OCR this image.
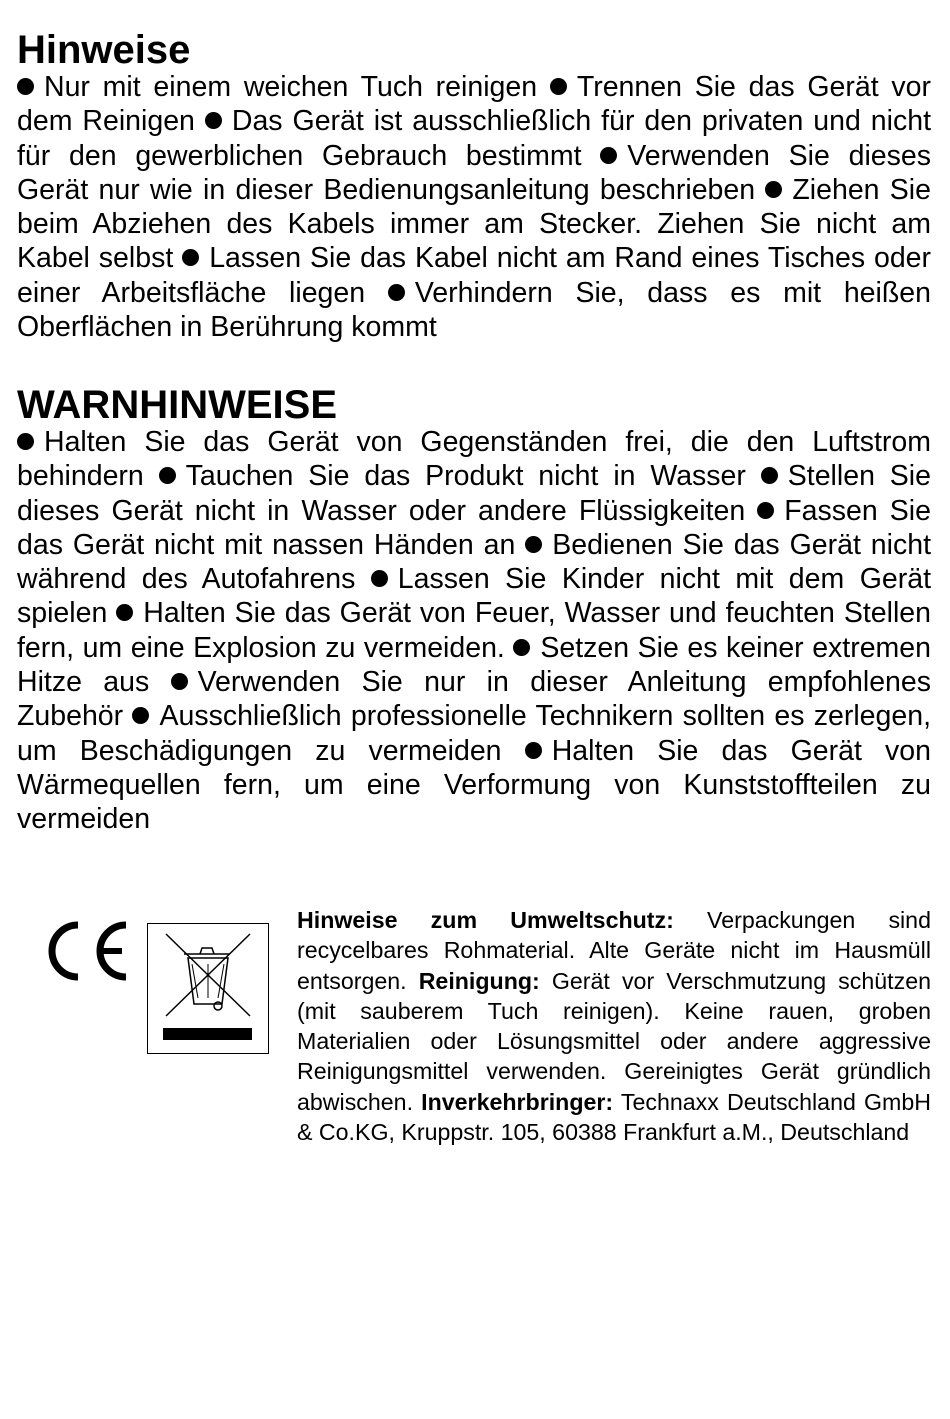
Hinweise

Nur mit einem weichen Tuch reinigen Trennen Sie das Gerät vor dem Reinigen Das Gerät ist ausschließlich für den privaten und nicht für den gewerblichen Gebrauch bestimmt Verwenden Sie dieses Gerät nur wie in dieser Bedienungsanleitung beschrieben Ziehen Sie beim Abziehen des Kabels immer am Stecker. Ziehen Sie nicht am Kabel selbst Lassen Sie das Kabel nicht am Rand eines Tisches oder einer Arbeitsfläche liegen Verhindern Sie, dass es mit heißen Oberflächen in Berührung kommt

WARNHINWEISE

Halten Sie das Gerät von Gegenständen frei, die den Luftstrom behindern Tauchen Sie das Produkt nicht in Wasser Stellen Sie dieses Gerät nicht in Wasser oder andere Flüssigkeiten Fassen Sie das Gerät nicht mit nassen Händen an Bedienen Sie das Gerät nicht während des Autofahrens Lassen Sie Kinder nicht mit dem Gerät spielen Halten Sie das Gerät von Feuer, Wasser und feuchten Stellen fern, um eine Explosion zu vermeiden. Setzen Sie es keiner extremen Hitze aus Verwenden Sie nur in dieser Anleitung empfohlenes Zubehör Ausschließlich professionelle Technikern sollten es zerlegen, um Beschädigungen zu vermeiden Halten Sie das Gerät von Wärmequellen fern, um eine Verformung von Kunststoffteilen zu vermeiden

Hinweise zum Umweltschutz: Verpackungen sind recycelbares Rohmaterial. Alte Geräte nicht im Hausmüll entsorgen. Reinigung: Gerät vor Verschmutzung schützen (mit sauberem Tuch reinigen). Keine rauen, groben Materialien oder Lösungsmittel oder andere aggressive Reinigungsmittel verwenden. Gereinigtes Gerät gründlich abwischen. Inverkehrbringer: Technaxx Deutschland GmbH & Co.KG, Kruppstr. 105, 60388 Frankfurt a.M., Deutschland
